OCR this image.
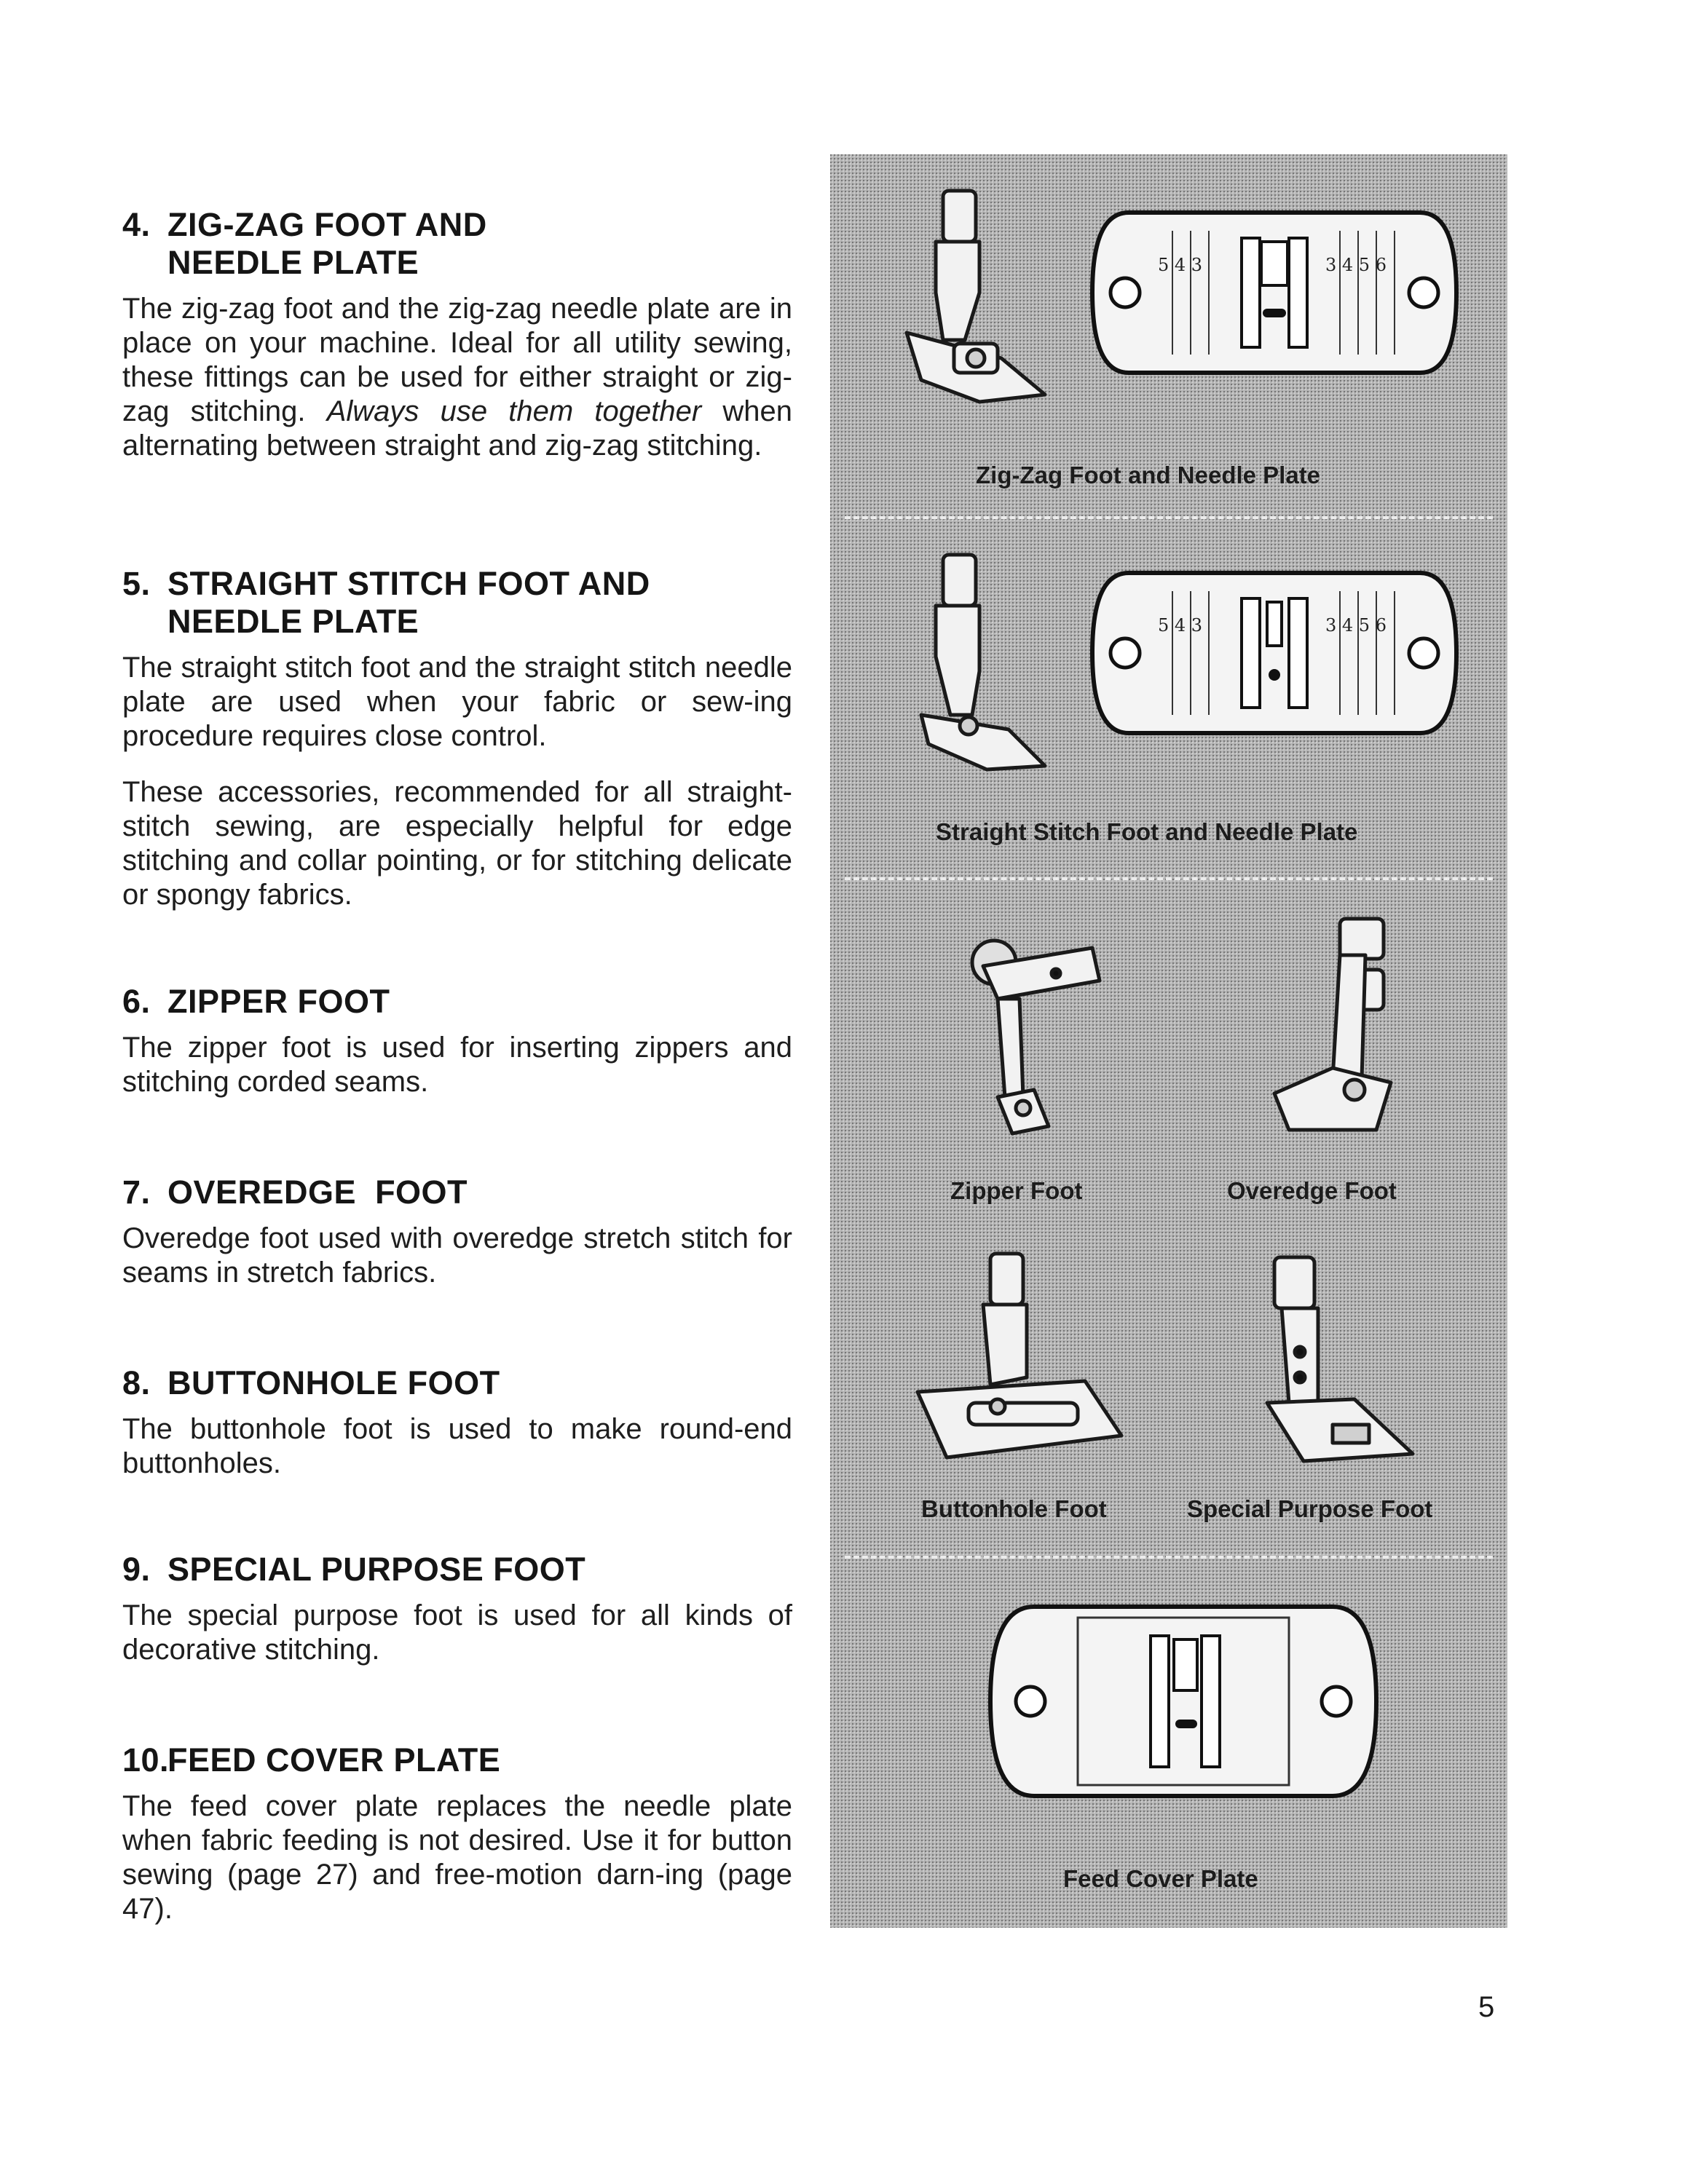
4. ZIG-ZAG FOOT AND
NEEDLE PLATE

The zig-zag foot and the zig-zag needle plate are in place on your machine. Ideal for all utility sewing, these fittings can be used for either straight or zig-zag stitching. Always use them together when alternating between straight and zig-zag stitching.

5. STRAIGHT STITCH FOOT AND
NEEDLE PLATE

The straight stitch foot and the straight stitch needle plate are used when your fabric or sew-ing procedure requires close control.

These accessories, recommended for all straight-stitch sewing, are especially helpful for edge stitching and collar pointing, or for stitching delicate or spongy fabrics.

6. ZIPPER FOOT

The zipper foot is used for inserting zippers and stitching corded seams.

7. OVEREDGE  FOOT

Overedge foot used with overedge stretch stitch for seams in stretch fabrics.

8. BUTTONHOLE FOOT

The buttonhole foot is used to make round-end buttonholes.

9. SPECIAL PURPOSE FOOT

The special purpose foot is used for all kinds of decorative stitching.

10.FEED COVER PLATE

The feed cover plate replaces the needle plate when fabric feeding is not desired. Use it for button sewing (page 27) and free-motion darn-ing (page 47).

5 4 3	3 4 5 6
Zig-Zag Foot and Needle Plate
5 4 3	3 4 5 6
Straight Stitch Foot and Needle Plate
Zipper Foot	Overedge Foot
Buttonhole Foot	Special Purpose Foot
Feed Cover Plate
5
